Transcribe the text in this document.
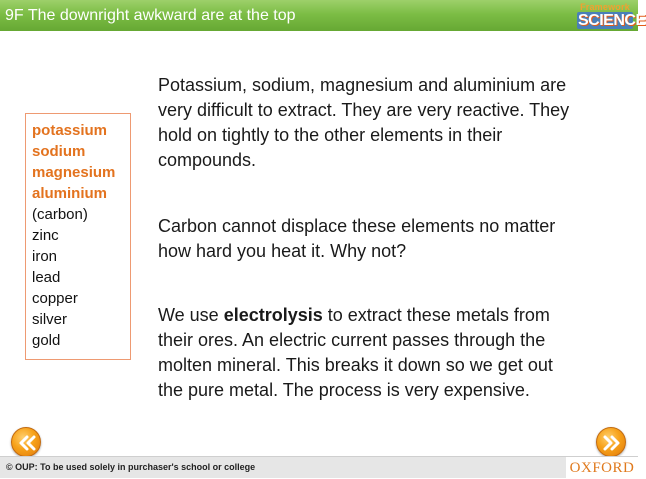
9F The downright awkward are at the top	Framework
SCIENCE
potassium
sodium
magnesium
aluminium
(carbon)
zinc
iron
lead
copper
silver
gold

Potassium, sodium, magnesium and aluminium are very difficult to extract. They are very reactive. They hold on tightly to the other elements in their compounds.

Carbon cannot displace these elements no matter how hard you heat it. Why not?

We use electrolysis to extract these metals from their ores. An electric current passes through the molten mineral. This breaks it down so we get out the pure metal. The process is very expensive.

© OUP: To be used solely in purchaser's school or college	OXFORD
